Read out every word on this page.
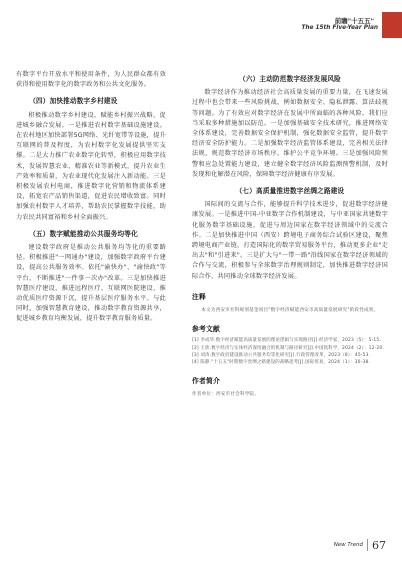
前瞻"十五五"
The 15th Five-Year Plan

有数字平台开放水平和使用条件，为人民群众都有效获得和使用数字化的数字政务和公共文化服务。

（四）加快推动数字乡村建设

积极推动数字乡村建设，赋能乡村振兴战略，促进城乡融合发展。一是推进农村数字基础设施建设。在农村地区加快部署5G网络、光纤宽带等设施，提升互联网的普及程度，为农村数字化发展提供坚实支撑。二是大力推广农业数字化转型，积极应用数字技术，发展智慧农业、精准农业等新模式，提升农业生产效率和质量，为农业现代化发展注入新动能。三是积极发展农村电商，推进数字化营销和物流体系建设，拓宽农产品销售渠道，促进农民增收致富。同时加强农村数字人才培养，帮助农民掌握数字技能，助力农民共同富裕和乡村全面振兴。

（五）数字赋能推动公共服务均等化

建设数字政府是推动公共服务均等化的重要路径。积极推进"一网通办"建设，加强数字政府平台建设，提高公共服务效率。依托"渝快办"、"渝快政"等平台，不断推进"一件事一次办"改革。三是加快推进智慧医疗建设，推进远程医疗、互联网医院建设，推动优质医疗资源下沉，提升基层医疗服务水平。与此同时，加强智慧教育建设，推动数字教育资源共享，促进城乡教育均衡发展，提升数字教育服务质量。

（六）主动防范数字经济发展风险

数字经济作为推动经济社会高质量发展的重要力量，在飞速发展过程中也会带来一些风险挑战，例如数据安全、隐私泄露、算法歧视等问题。为了有效应对数字经济在发展中所面临的各种风险，我们应当采取多种措施加以防范。一是加强基础安全技术研究，推进网络安全体系建设，完善数据安全保护机制，强化数据安全监管，提升数字经济安全防护能力。二是加强数字经济监管体系建设，完善相关法律法规，规范数字经济市场秩序，维护公平竞争环境。三是加强风险预警和应急处置能力建设，建立健全数字经济风险监测预警机制，及时发现和化解潜在风险，保障数字经济健康有序发展。

（七）高质量推进数字丝绸之路建设

国际间的交流与合作，能够提升科学技术进步，促进数字经济健康发展。一是推进中国-中亚数字合作机制建设，与中亚国家共建数字化服务数字基础设施，促进与周边国家在数字经济领域中的交流合作。二是加快推进中国（西安）跨境电子商务综合试验区建设，聚焦跨境电商产业链，打造国际化的数字贸易服务平台，推动更多企业"走出去"和"引进来"。三是扩大与"一带一路"沿线国家在数字经济领域的合作与交流，积极参与全球数字治理规则制定，加快推进数字经济国际合作，共同推动全球数字经济发展。

注释

本文为西安市社科规划基金项目"数字经济赋能西安市高质量发展研究"阶段性成果。

参考文献

[1] 李成华.数字经济赋能高质量发展的理论逻辑与实现路径[J].经济学家，2023（5）：5-15.

[2] 王欣.数字经济与实体经济深度融合的机制与路径研究[J].中国软科学，2024（2）：12-20.

[3] 刘涛.数字政府建设推动公共服务均等化研究[J].行政管理改革，2023（8）：45-53.

[4] 陈静."十五五"时期数字丝绸之路建设的战略思考[J].国际贸易，2024（1）：30-38.

作者简介

作者单位：西安市社会科学院。

New Trend 67
